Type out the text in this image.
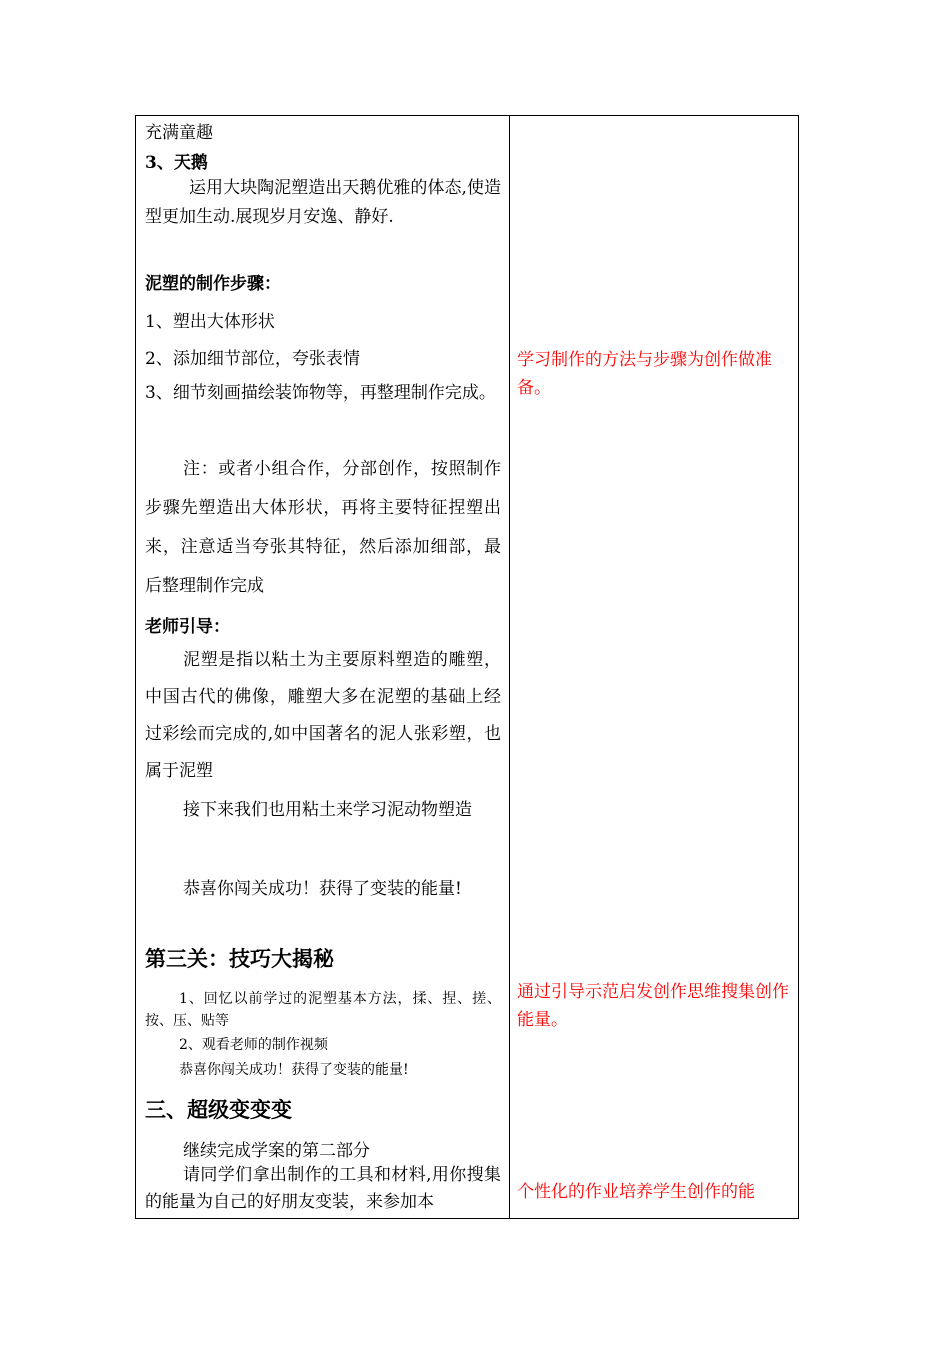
充满童趣
3、天鹅
运用大块陶泥塑造出天鹅优雅的体态,使造型更加生动.展现岁月安逸、静好.
泥塑的制作步骤：
1、塑出大体形状
2、添加细节部位，夸张表情
3、细节刻画描绘装饰物等，再整理制作完成。
注：或者小组合作，分部创作，按照制作步骤先塑造出大体形状，再将主要特征捏塑出来，注意适当夸张其特征，然后添加细部，最后整理制作完成
老师引导：
泥塑是指以粘土为主要原料塑造的雕塑，中国古代的佛像，雕塑大多在泥塑的基础上经过彩绘而完成的,如中国著名的泥人张彩塑，也属于泥塑
接下来我们也用粘土来学习泥动物塑造
恭喜你闯关成功！获得了变装的能量!
第三关：技巧大揭秘
1、回忆以前学过的泥塑基本方法，揉、捏、搓、按、压、贴等
2、观看老师的制作视频
恭喜你闯关成功！获得了变装的能量!
三、超级变变变
继续完成学案的第二部分
请同学们拿出制作的工具和材料,用你搜集的能量为自己的好朋友变装，来参加本
学习制作的方法与步骤为创作做准备。
通过引导示范启发创作思维搜集创作能量。
个性化的作业培养学生创作的能
